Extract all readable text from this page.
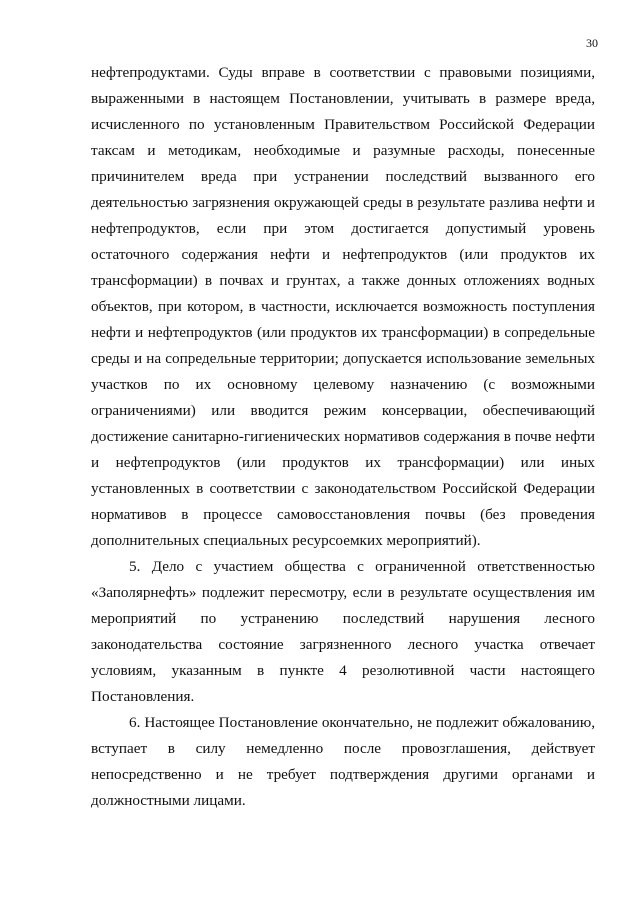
30

нефтепродуктами. Суды вправе в соответствии с правовыми позициями,
выраженными в настоящем Постановлении, учитывать в размере вреда,
исчисленного по установленным Правительством Российской Федерации
таксам и методикам, необходимые и разумные расходы, понесенные
причинителем вреда при устранении последствий вызванного его
деятельностью загрязнения окружающей среды в результате разлива нефти и
нефтепродуктов, если при этом достигается допустимый уровень
остаточного содержания нефти и нефтепродуктов (или продуктов их
трансформации) в почвах и грунтах, а также донных отложениях водных
объектов, при котором, в частности, исключается возможность поступления
нефти и нефтепродуктов (или продуктов их трансформации) в сопредельные
среды и на сопредельные территории; допускается использование земельных
участков по их основному целевому назначению (с возможными
ограничениями) или вводится режим консервации, обеспечивающий
достижение санитарно-гигиенических нормативов содержания в почве нефти
и нефтепродуктов (или продуктов их трансформации) или иных
установленных в соответствии с законодательством Российской Федерации
нормативов в процессе самовосстановления почвы (без проведения
дополнительных специальных ресурсоемких мероприятий).

5. Дело с участием общества с ограниченной ответственностью
«Заполярнефть» подлежит пересмотру, если в результате осуществления им
мероприятий по устранению последствий нарушения лесного
законодательства состояние загрязненного лесного участка отвечает
условиям, указанным в пункте 4 резолютивной части настоящего
Постановления.

6. Настоящее Постановление окончательно, не подлежит обжалованию,
вступает в силу немедленно после провозглашения, действует
непосредственно и не требует подтверждения другими органами и
должностными лицами.
